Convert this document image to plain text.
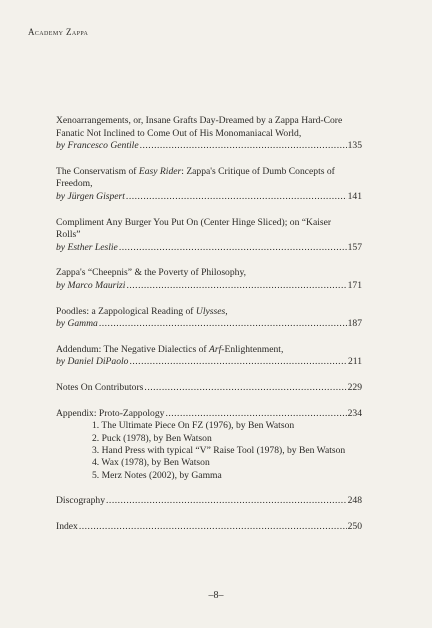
Academy Zappa
Xenoarrangements, or, Insane Grafts Day-Dreamed by a Zappa Hard-Core
Fanatic Not Inclined to Come Out of His Monomaniacal World,
by Francesco Gentile .....	135
The Conservatism of Easy Rider: Zappa's Critique of Dumb Concepts of
Freedom,
by Jürgen Gispert .....	141
Compliment Any Burger You Put On (Center Hinge Sliced); on “Kaiser
Rolls”
by Esther Leslie .....	157
Zappa's “Cheepnis” & the Poverty of Philosophy,
by Marco Maurizi .....	171
Poodles: a Zappological Reading of Ulysses,
by Gamma .....	187
Addendum: The Negative Dialectics of Arf-Enlightenment,
by Daniel DiPaolo .....	211
Notes On Contributors .....	229
Appendix: Proto-Zappology .....	234
1. The Ultimate Piece On FZ (1976), by Ben Watson
2. Puck (1978), by Ben Watson
3. Hand Press with typical “V” Raise Tool (1978), by Ben Watson
4. Wax (1978), by Ben Watson
5. Merz Notes (2002), by Gamma
Discography .....	248
Index .....	250
–8–
